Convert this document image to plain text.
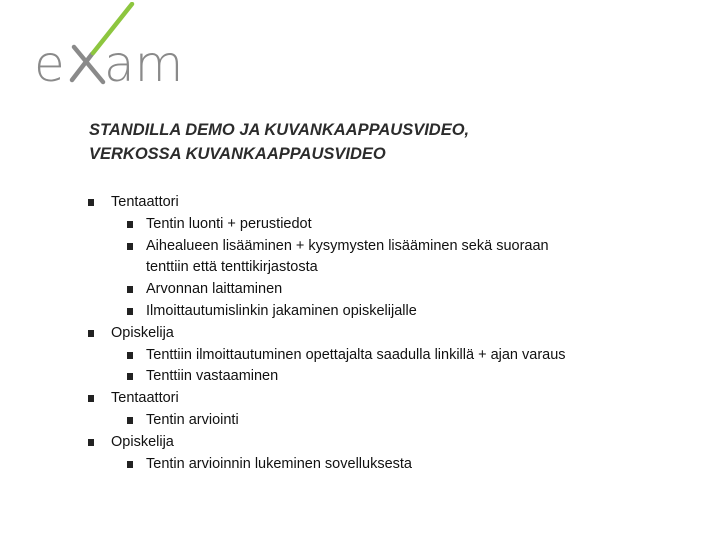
e am
STANDILLA DEMO JA KUVANKAAPPAUSVIDEO,
VERKOSSA KUVANKAAPPAUSVIDEO
Tentaattori
Tentin luonti + perustiedot
Aihealueen lisääminen + kysymysten lisääminen sekä suoraan
tenttiin että tenttikirjastosta
Arvonnan laittaminen
Ilmoittautumislinkin jakaminen opiskelijalle
Opiskelija
Tenttiin ilmoittautuminen opettajalta saadulla linkillä + ajan varaus
Tenttiin vastaaminen
Tentaattori
Tentin arviointi
Opiskelija
Tentin arvioinnin lukeminen sovelluksesta
